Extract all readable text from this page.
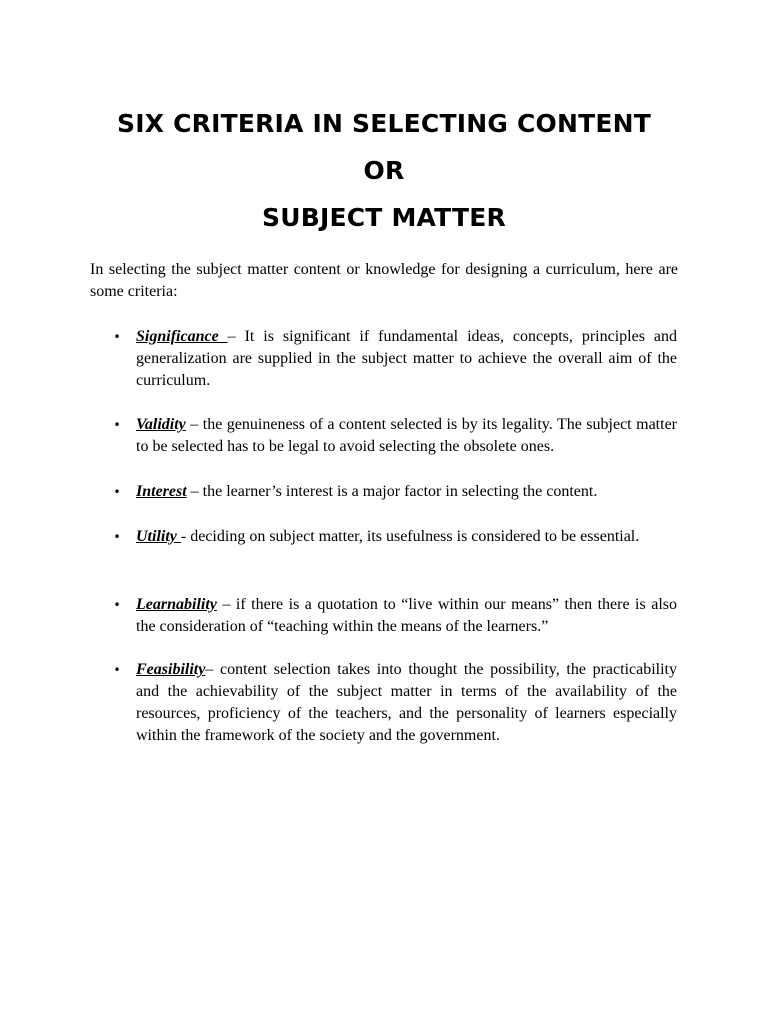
SIX CRITERIA IN SELECTING CONTENT
OR
SUBJECT MATTER

In selecting the subject matter content or knowledge for designing a curriculum, here are some criteria:

• Significance – It is significant if fundamental ideas, concepts, principles and generalization are supplied in the subject matter to achieve the overall aim of the curriculum.
• Validity – the genuineness of a content selected is by its legality. The subject matter to be selected has to be legal to avoid selecting the obsolete ones.
• Interest – the learner’s interest is a major factor in selecting the content.
• Utility - deciding on subject matter, its usefulness is considered to be essential.
• Learnability – if there is a quotation to “live within our means” then there is also the consideration of “teaching within the means of the learners.”
• Feasibility– content selection takes into thought the possibility, the practicability and the achievability of the subject matter in terms of the availability of the resources, proficiency of the teachers, and the personality of learners especially within the framework of the society and the government.
